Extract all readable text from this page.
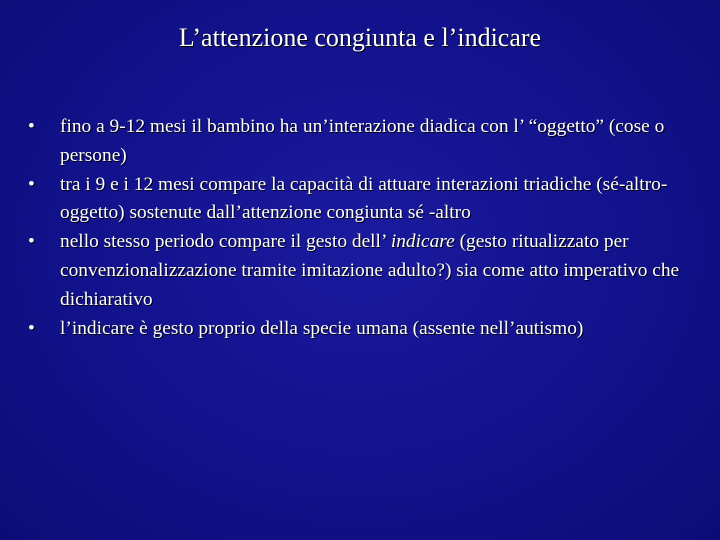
L’attenzione congiunta e l’indicare
•	fino a 9-12 mesi il bambino ha un’interazione diadica con l’ “oggetto” (cose o persone)
•	tra i 9 e i 12 mesi compare la capacità di attuare interazioni triadiche (sé-altro-oggetto) sostenute dall’attenzione congiunta sé -altro
•	nello stesso periodo compare il gesto dell’ indicare (gesto ritualizzato per convenzionalizzazione tramite imitazione adulto?) sia come atto imperativo che dichiarativo
•	l’indicare è gesto proprio della specie umana (assente nell’autismo)
